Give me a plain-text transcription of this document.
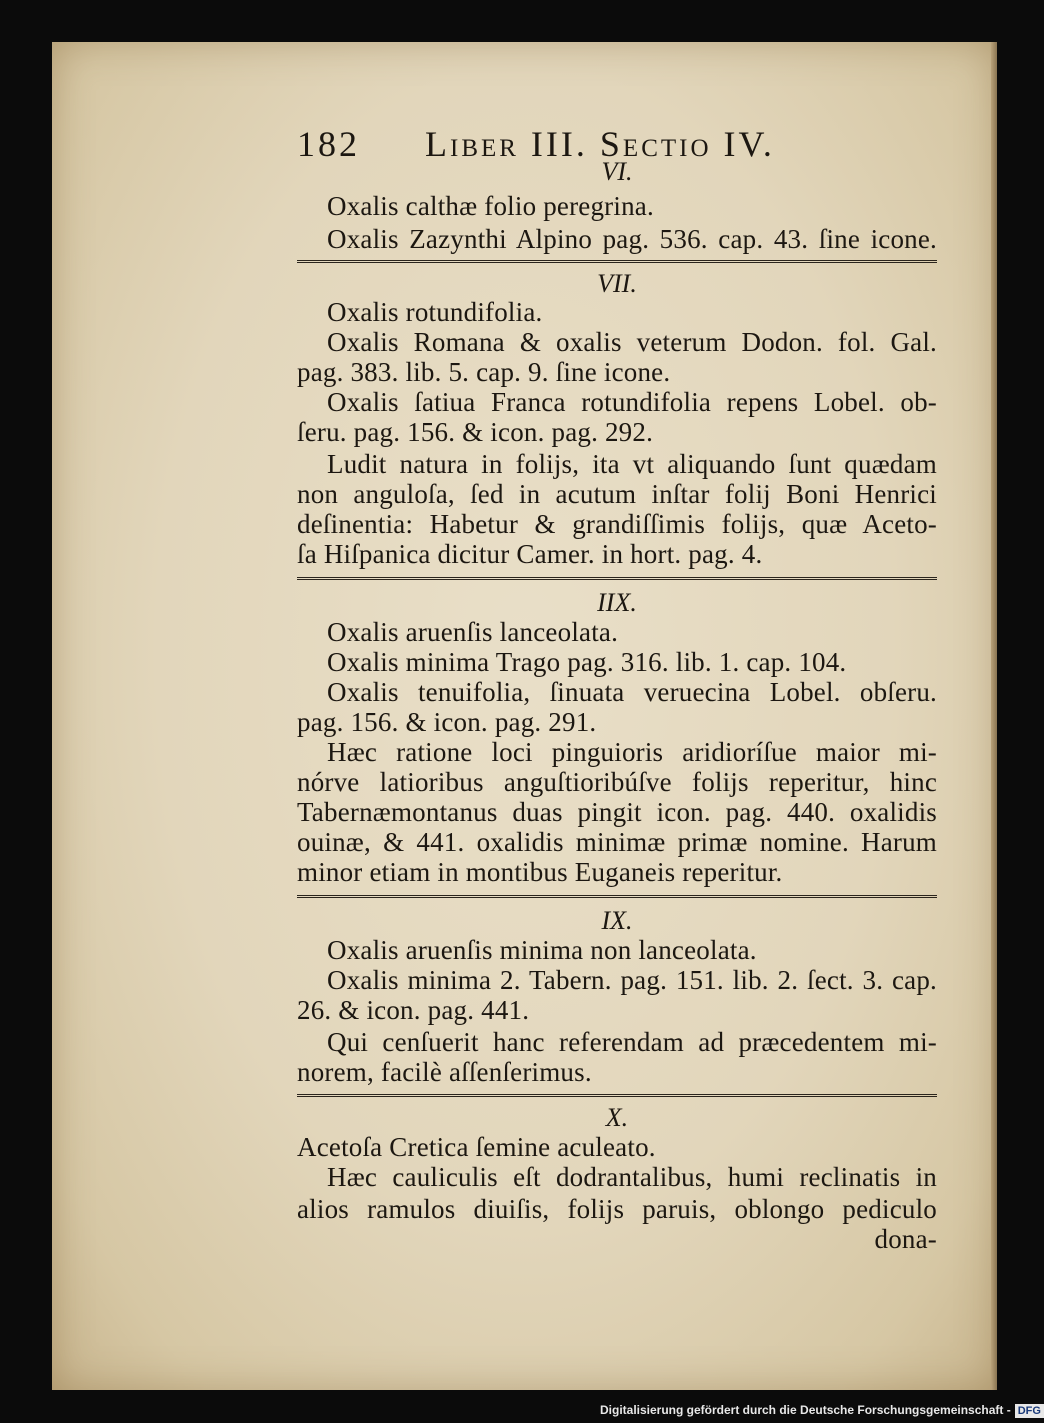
182 Liber III. Sectio IV.
VI.
Oxalis calthæ folio peregrina.
Oxalis Zazynthi Alpino pag. 536. cap. 43. ſine icone.
VII.
Oxalis rotundifolia.
Oxalis Romana & oxalis veterum Dodon. fol. Gal.
pag. 383. lib. 5. cap. 9. ſine icone.
Oxalis ſatiua Franca rotundifolia repens Lobel. ob-
ſeru. pag. 156. & icon. pag. 292.
Ludit natura in folijs, ita vt aliquando ſunt quædam
non anguloſa, ſed in acutum inſtar folij Boni Henrici
deſinentia: Habetur & grandiſſimis folijs, quæ Aceto-
ſa Hiſpanica dicitur Camer. in hort. pag. 4.
IIX.
Oxalis aruenſis lanceolata.
Oxalis minima Trago pag. 316. lib. 1. cap. 104.
Oxalis tenuifolia, ſinuata veruecina Lobel. obſeru.
pag. 156. & icon. pag. 291.
Hæc ratione loci pinguioris aridioríſue maior mi-
nórve latioribus anguſtioribúſve folijs reperitur, hinc
Tabernæmontanus duas pingit icon. pag. 440. oxalidis
ouinæ, & 441. oxalidis minimæ primæ nomine. Harum
minor etiam in montibus Euganeis reperitur.
IX.
Oxalis aruenſis minima non lanceolata.
Oxalis minima 2. Tabern. pag. 151. lib. 2. ſect. 3. cap.
26. & icon. pag. 441.
Qui cenſuerit hanc referendam ad præcedentem mi-
norem, facilè aſſenſerimus.
X.
Acetoſa Cretica ſemine aculeato.
Hæc cauliculis eſt dodrantalibus, humi reclinatis in
alios ramulos diuiſis, folijs paruis, oblongo pediculo
dona-
Digitalisierung gefördert durch die Deutsche Forschungsgemeinschaft - DFG
